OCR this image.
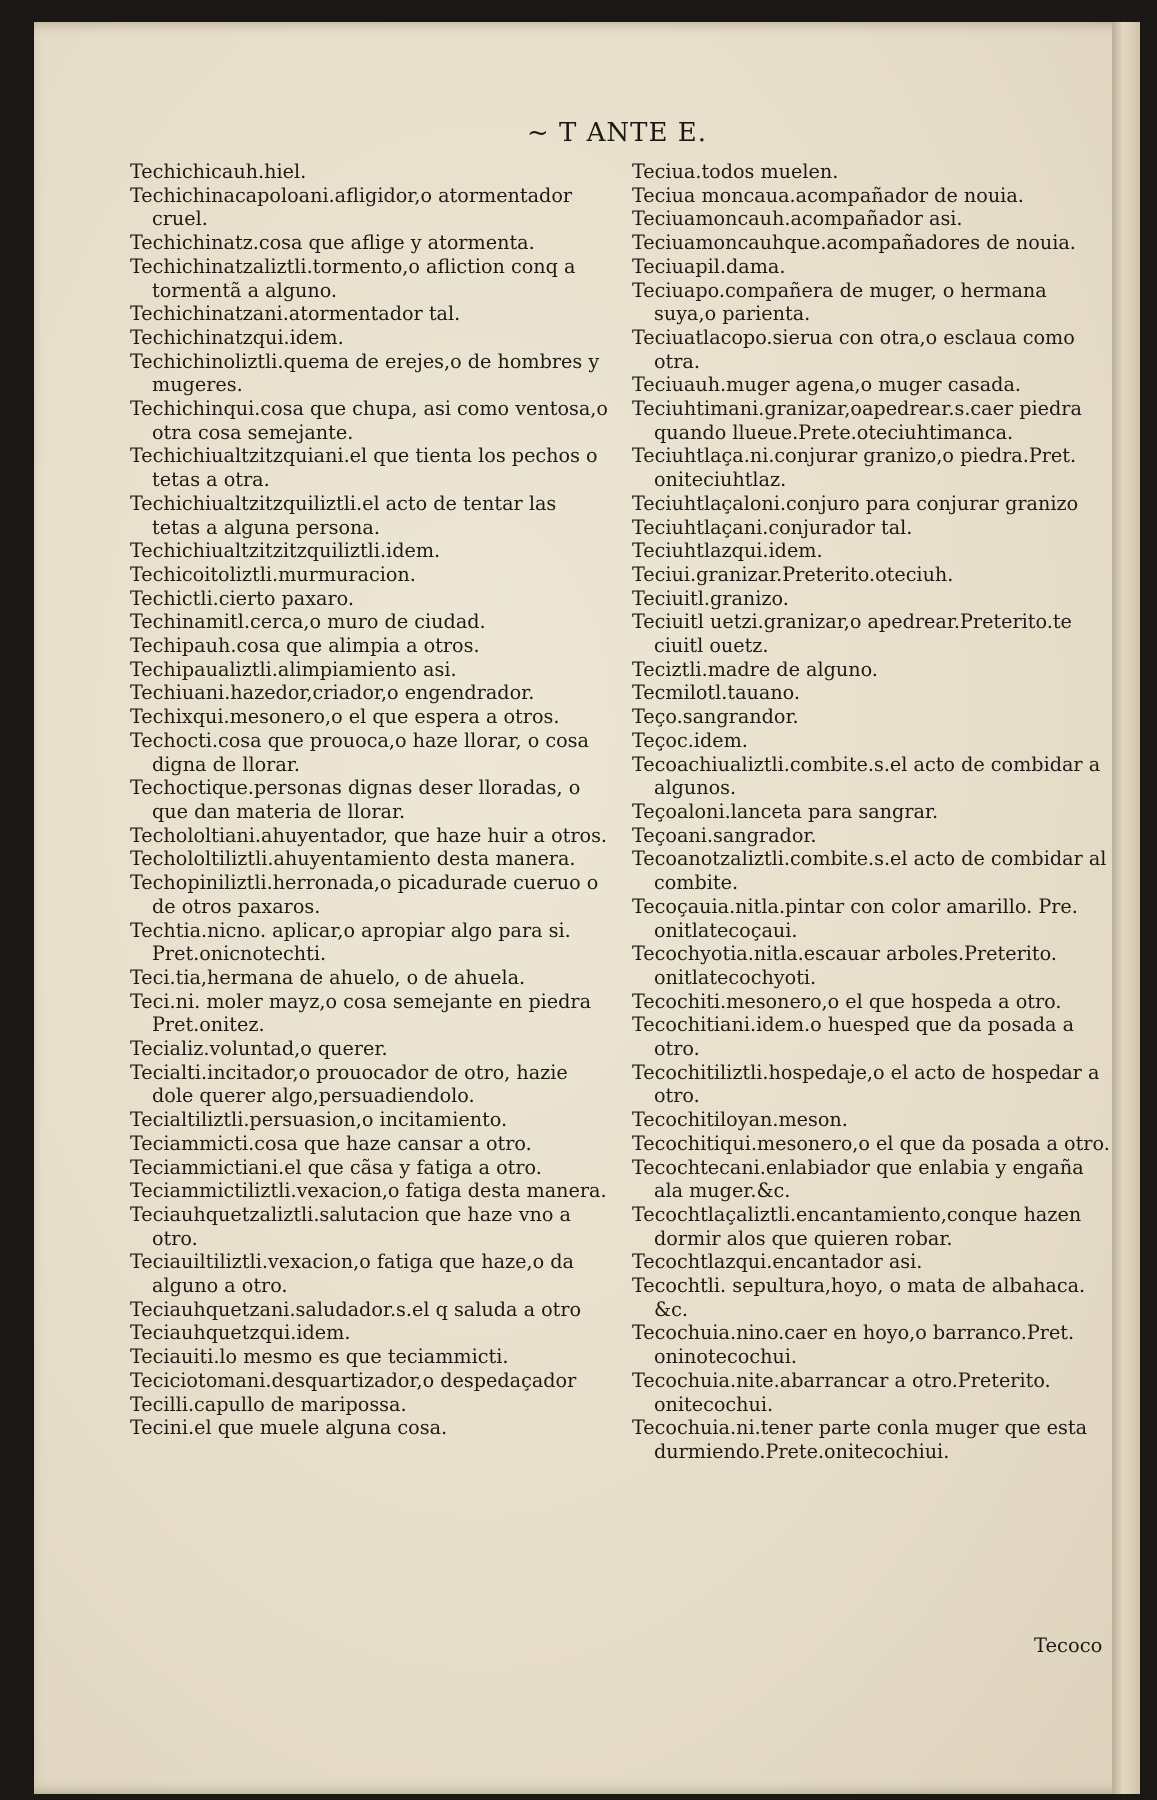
~ T ANTE E.

Techichicauh.hiel.

Techichinacapoloani.afligidor,o atormentador cruel.

Techichinatz.cosa que aflige y atormenta.

Techichinatzaliztli.tormento,o afliction conq a tormentã a alguno.

Techichinatzani.atormentador tal.

Techichinatzqui.idem.

Techichinoliztli.quema de erejes,o de hombres y mugeres.

Techichinqui.cosa que chupa, asi como ventosa,o otra cosa semejante.

Techichiualtzitzquiani.el que tienta los pechos o tetas a otra.

Techichiualtzitzquiliztli.el acto de tentar las tetas a alguna persona.

Techichiualtzitzitzquiliztli.idem.

Techicoitoliztli.murmuracion.

Techictli.cierto paxaro.

Techinamitl.cerca,o muro de ciudad.

Techipauh.cosa que alimpia a otros.

Techipaualiztli.alimpiamiento asi.

Techiuani.hazedor,criador,o engendrador.

Techixqui.mesonero,o el que espera a otros.

Techocti.cosa que prouoca,o haze llorar, o cosa digna de llorar.

Techoctique.personas dignas deser lloradas, o que dan materia de llorar.

Techololtiani.ahuyentador, que haze huir a otros.

Techololtiliztli.ahuyentamiento desta manera.

Techopiniliztli.herronada,o picadurade cueruo o de otros paxaros.

Techtia.nicno. aplicar,o apropiar algo para si. Pret.onicnotechti.

Teci.tia,hermana de ahuelo, o de ahuela.

Teci.ni. moler mayz,o cosa semejante en piedra Pret.onitez.

Tecializ.voluntad,o querer.

Tecialti.incitador,o prouocador de otro, hazie dole querer algo,persuadiendolo.

Tecialtiliztli.persuasion,o incitamiento.

Teciammicti.cosa que haze cansar a otro.

Teciammictiani.el que cãsa y fatiga a otro.

Teciammictiliztli.vexacion,o fatiga desta manera.

Teciauhquetzaliztli.salutacion que haze vno a otro.

Teciauiltiliztli.vexacion,o fatiga que haze,o da alguno a otro.

Teciauhquetzani.saludador.s.el q saluda a otro

Teciauhquetzqui.idem.

Teciauiti.lo mesmo es que teciammicti.

Teciciotomani.desquartizador,o despedaçador

Tecilli.capullo de maripossa.

Tecini.el que muele alguna cosa.

Teciua.todos muelen.

Teciua moncaua.acompañador de nouia.

Teciuamoncauh.acompañador asi.

Teciuamoncauhque.acompañadores de nouia.

Teciuapil.dama.

Teciuapo.compañera de muger, o hermana suya,o parienta.

Teciuatlacopo.sierua con otra,o esclaua como otra.

Teciuauh.muger agena,o muger casada.

Teciuhtimani.granizar,oapedrear.s.caer piedra quando llueue.Prete.oteciuhtimanca.

Teciuhtlaça.ni.conjurar granizo,o piedra.Pret. oniteciuhtlaz.

Teciuhtlaçaloni.conjuro para conjurar granizo

Teciuhtlaçani.conjurador tal.

Teciuhtlazqui.idem.

Teciui.granizar.Preterito.oteciuh.

Teciuitl.granizo.

Teciuitl uetzi.granizar,o apedrear.Preterito.te ciuitl ouetz.

Teciztli.madre de alguno.

Tecmilotl.tauano.

Teço.sangrandor.

Teçoc.idem.

Tecoachiualiztli.combite.s.el acto de combidar a algunos.

Teçoaloni.lanceta para sangrar.

Teçoani.sangrador.

Tecoanotzaliztli.combite.s.el acto de combidar al combite.

Tecoçauia.nitla.pintar con color amarillo. Pre. onitlatecoçaui.

Tecochyotia.nitla.escauar arboles.Preterito. onitlatecochyoti.

Tecochiti.mesonero,o el que hospeda a otro.

Tecochitiani.idem.o huesped que da posada a otro.

Tecochitiliztli.hospedaje,o el acto de hospedar a otro.

Tecochitiloyan.meson.

Tecochitiqui.mesonero,o el que da posada a otro.

Tecochtecani.enlabiador que enlabia y engaña ala muger.&c.

Tecochtlaçaliztli.encantamiento,conque hazen dormir alos que quieren robar.

Tecochtlazqui.encantador asi.

Tecochtli. sepultura,hoyo, o mata de albahaca. &c.

Tecochuia.nino.caer en hoyo,o barranco.Pret. oninotecochui.

Tecochuia.nite.abarrancar a otro.Preterito. onitecochui.

Tecochuia.ni.tener parte conla muger que esta durmiendo.Prete.onitecochiui.

Tecoco
